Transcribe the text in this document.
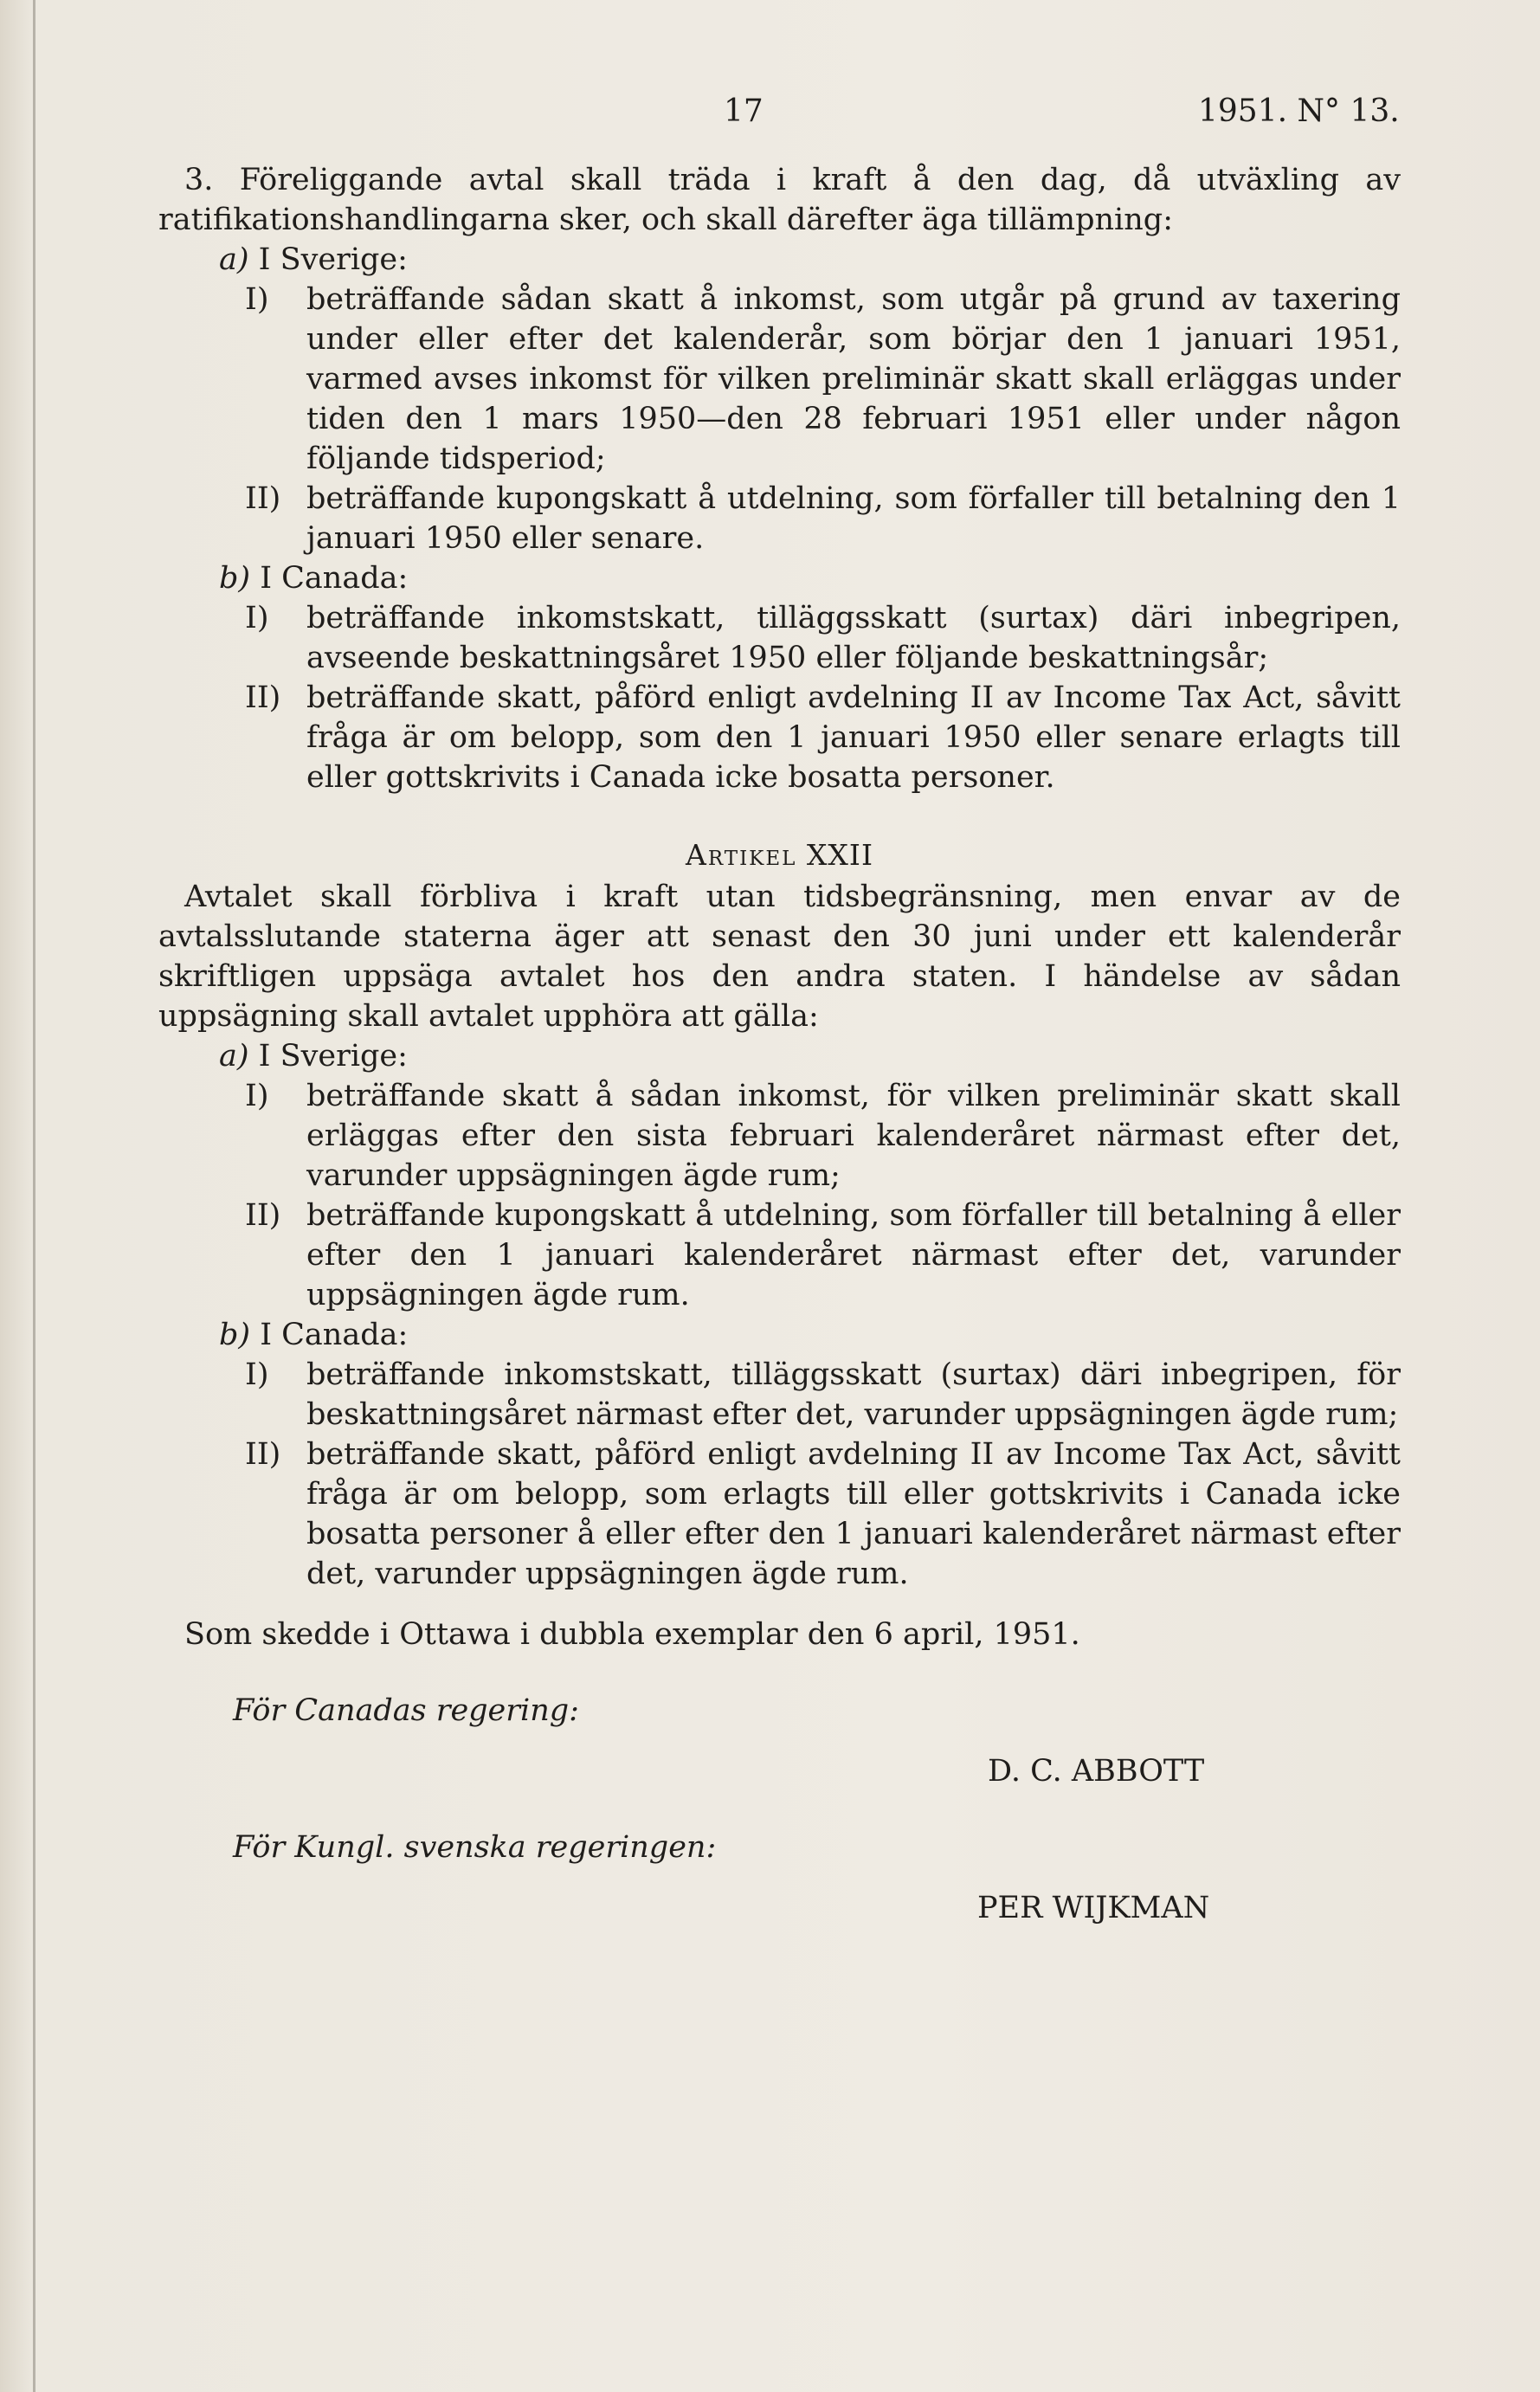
17	1951. N° 13.

3. Föreliggande avtal skall träda i kraft å den dag, då utväxling av ratifikationshandlingarna sker, och skall därefter äga tillämpning:

a) I Sverige:
I) beträffande sådan skatt å inkomst, som utgår på grund av taxering under eller efter det kalenderår, som börjar den 1 januari 1951, varmed avses inkomst för vilken preliminär skatt skall erläggas under tiden den 1 mars 1950—den 28 februari 1951 eller under någon följande tidsperiod;
II) beträffande kupongskatt å utdelning, som förfaller till betalning den 1 januari 1950 eller senare.
b) I Canada:
I) beträffande inkomstskatt, tilläggsskatt (surtax) däri inbegripen, avseende beskattningsåret 1950 eller följande beskattningsår;
II) beträffande skatt, påförd enligt avdelning II av Income Tax Act, såvitt fråga är om belopp, som den 1 januari 1950 eller senare erlagts till eller gottskrivits i Canada icke bosatta personer.
Artikel XXII

Avtalet skall förbliva i kraft utan tidsbegränsning, men envar av de avtalsslutande staterna äger att senast den 30 juni under ett kalenderår skriftligen uppsäga avtalet hos den andra staten. I händelse av sådan uppsägning skall avtalet upphöra att gälla:

a) I Sverige:
I) beträffande skatt å sådan inkomst, för vilken preliminär skatt skall erläggas efter den sista februari kalenderåret närmast efter det, varunder uppsägningen ägde rum;
II) beträffande kupongskatt å utdelning, som förfaller till betalning å eller efter den 1 januari kalenderåret närmast efter det, varunder uppsägningen ägde rum.
b) I Canada:
I) beträffande inkomstskatt, tilläggsskatt (surtax) däri inbegripen, för beskattningsåret närmast efter det, varunder uppsägningen ägde rum;
II) beträffande skatt, påförd enligt avdelning II av Income Tax Act, såvitt fråga är om belopp, som erlagts till eller gottskrivits i Canada icke bosatta personer å eller efter den 1 januari kalenderåret närmast efter det, varunder uppsägningen ägde rum.

Som skedde i Ottawa i dubbla exemplar den 6 april, 1951.

För Canadas regering:
D. C. ABBOTT
För Kungl. svenska regeringen:
PER WIJKMAN
